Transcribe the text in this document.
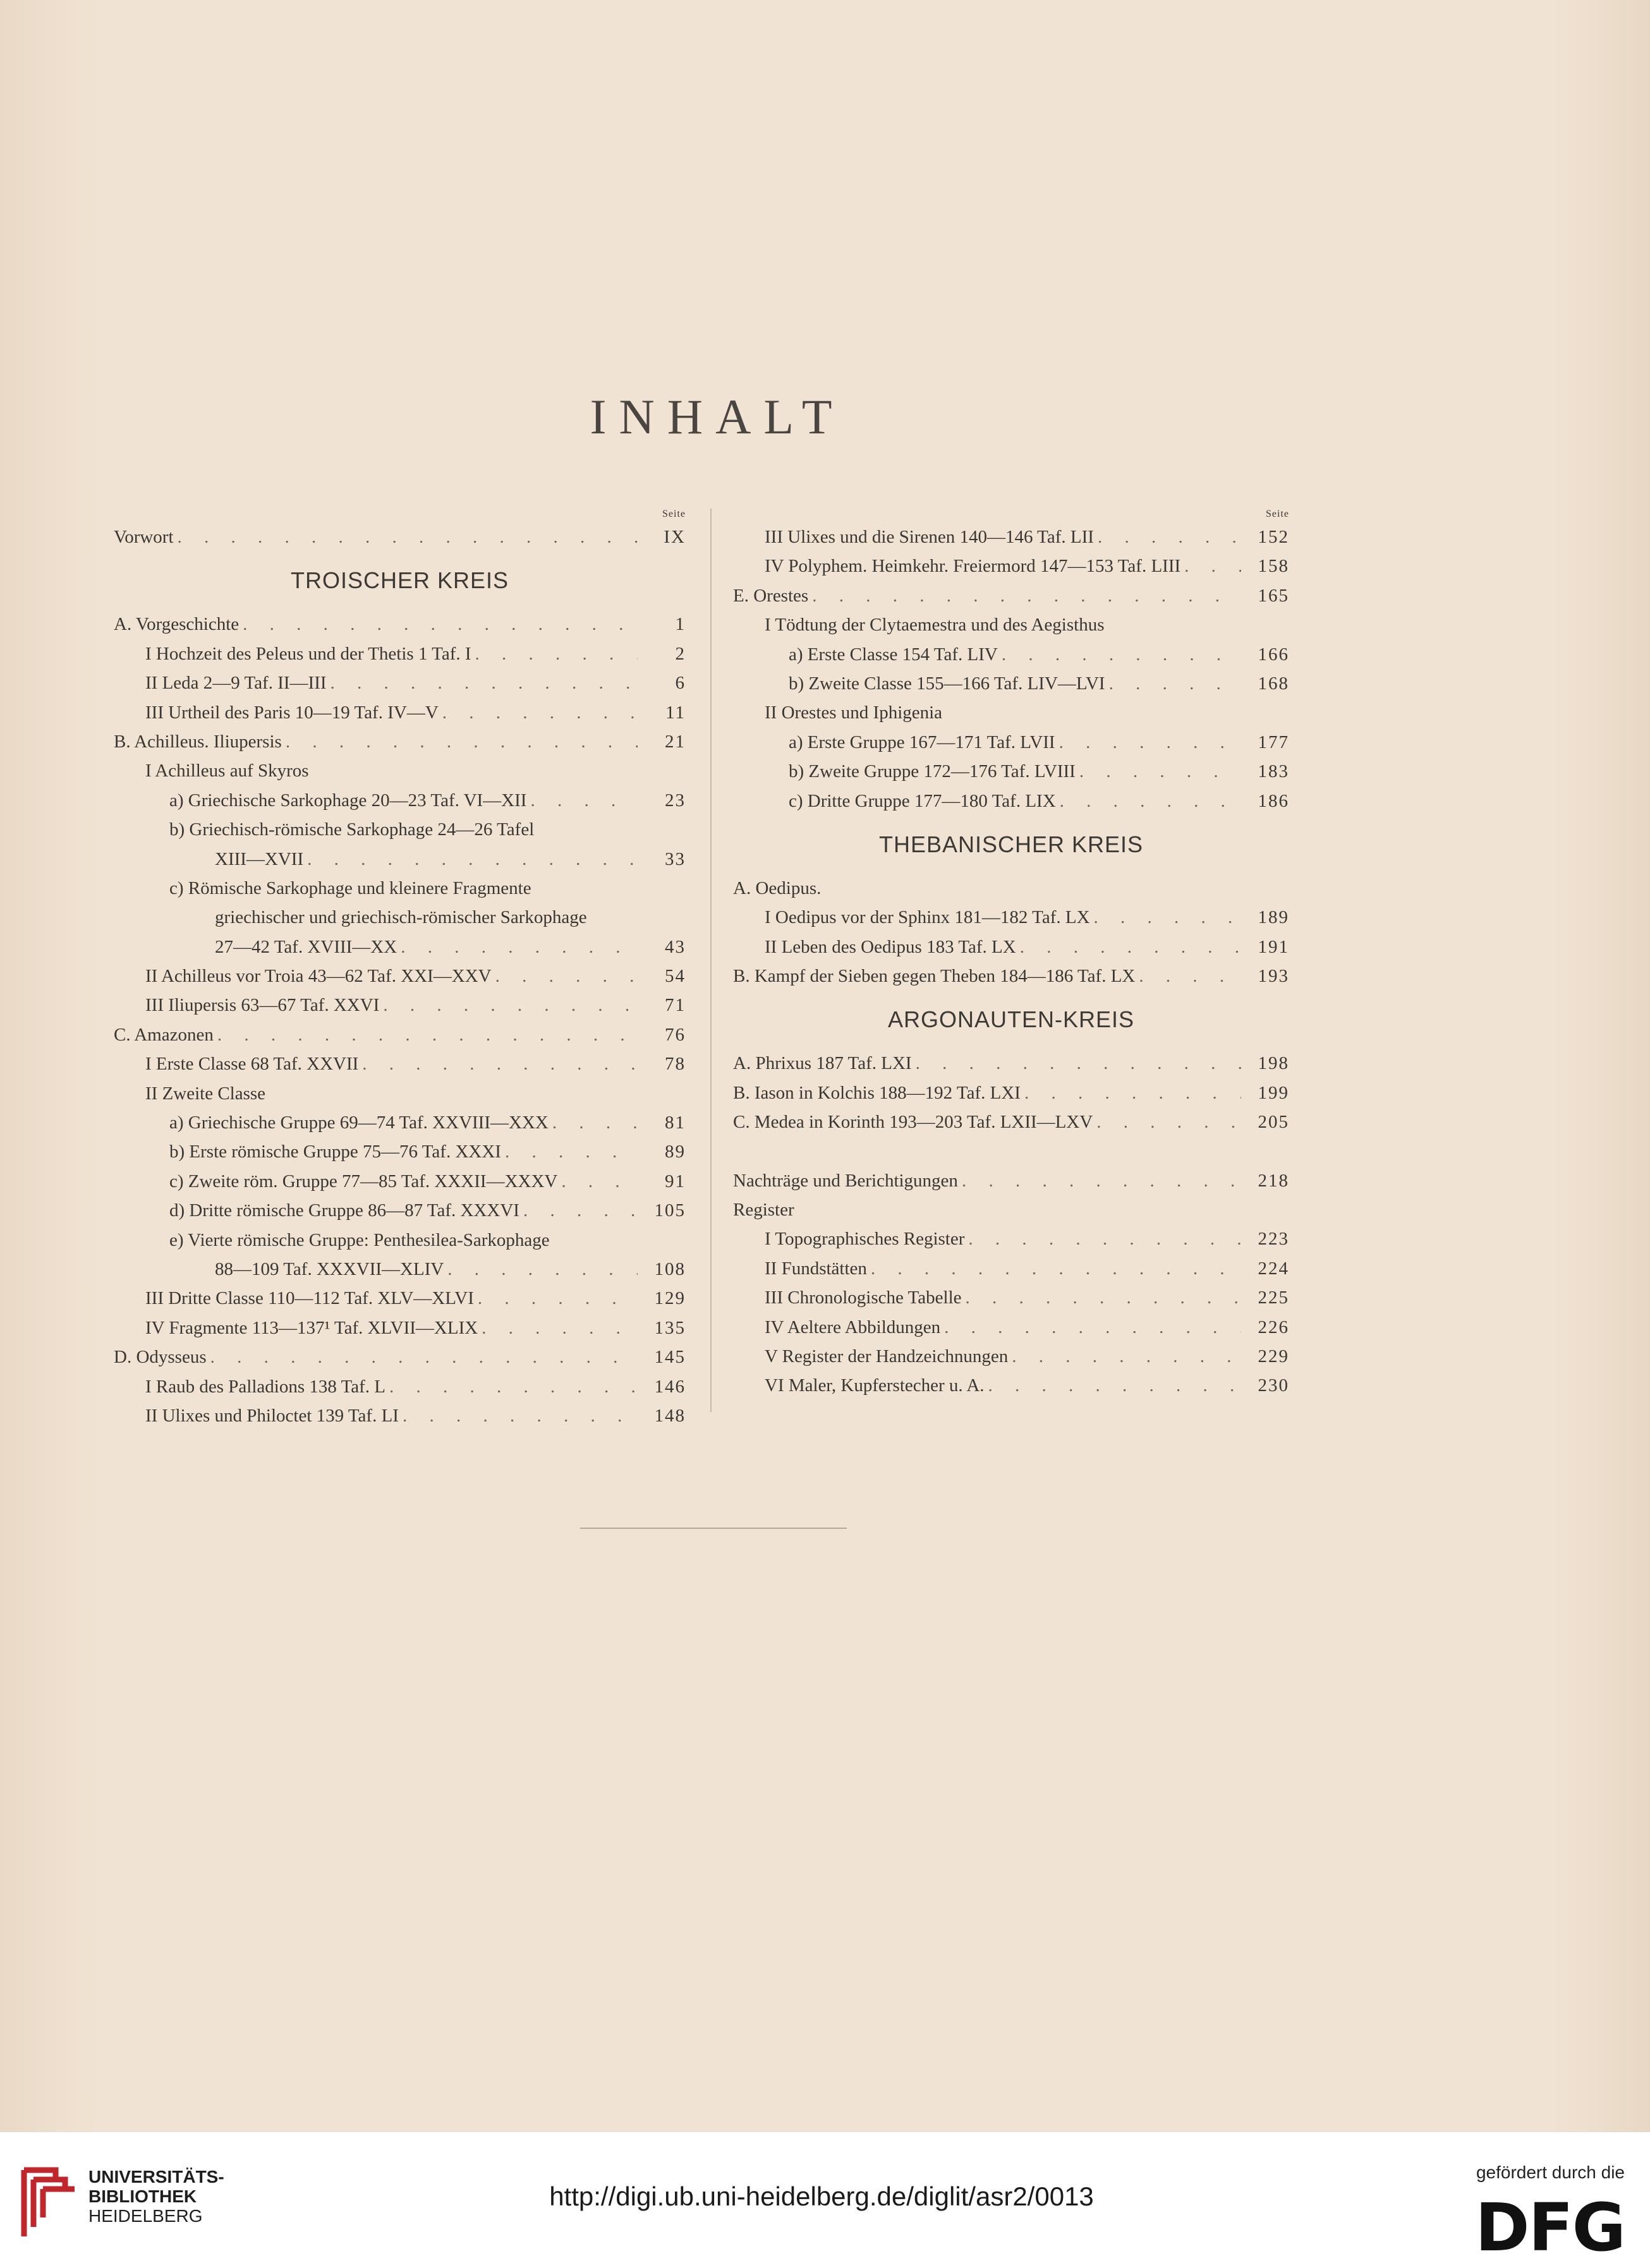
INHALT
Seite
Vorwort . . .	IX
TROISCHER KREIS
A. Vorgeschichte . . .	1
I Hochzeit des Peleus und der Thetis 1 Taf. I . . .	2
II Leda 2—9 Taf. II—III . . .	6
III Urtheil des Paris 10—19 Taf. IV—V . . .	11
B. Achilleus. Iliupersis . . .	21
I Achilleus auf Skyros
a) Griechische Sarkophage 20—23 Taf. VI—XII . . .	23
b) Griechisch-römische Sarkophage 24—26 Tafel
XIII—XVII . . .	33
c) Römische Sarkophage und kleinere Fragmente
griechischer und griechisch-römischer Sarkophage
27—42 Taf. XVIII—XX . . .	43
II Achilleus vor Troia 43—62 Taf. XXI—XXV . . .	54
III Iliupersis 63—67 Taf. XXVI . . .	71
C. Amazonen . . .	76
I Erste Classe 68 Taf. XXVII . . .	78
II Zweite Classe
a) Griechische Gruppe 69—74 Taf. XXVIII—XXX . . .	81
b) Erste römische Gruppe 75—76 Taf. XXXI . . .	89
c) Zweite röm. Gruppe 77—85 Taf. XXXII—XXXV . . .	91
d) Dritte römische Gruppe 86—87 Taf. XXXVI . . .	105
e) Vierte römische Gruppe: Penthesilea-Sarkophage
88—109 Taf. XXXVII—XLIV . . .	108
III Dritte Classe 110—112 Taf. XLV—XLVI . . .	129
IV Fragmente 113—137¹ Taf. XLVII—XLIX . . .	135
D. Odysseus . . .	145
I Raub des Palladions 138 Taf. L . . .	146
II Ulixes und Philoctet 139 Taf. LI . . .	148
Seite
III Ulixes und die Sirenen 140—146 Taf. LII . . .	152
IV Polyphem. Heimkehr. Freiermord 147—153 Taf. LIII . . .	158
E. Orestes . . .	165
I Tödtung der Clytaemestra und des Aegisthus
a) Erste Classe 154 Taf. LIV . . .	166
b) Zweite Classe 155—166 Taf. LIV—LVI . . .	168
II Orestes und Iphigenia
a) Erste Gruppe 167—171 Taf. LVII . . .	177
b) Zweite Gruppe 172—176 Taf. LVIII . . .	183
c) Dritte Gruppe 177—180 Taf. LIX . . .	186
THEBANISCHER KREIS
A. Oedipus.
I Oedipus vor der Sphinx 181—182 Taf. LX . . .	189
II Leben des Oedipus 183 Taf. LX . . .	191
B. Kampf der Sieben gegen Theben 184—186 Taf. LX . . .	193
ARGONAUTEN-KREIS
A. Phrixus 187 Taf. LXI . . .	198
B. Iason in Kolchis 188—192 Taf. LXI . . .	199
C. Medea in Korinth 193—203 Taf. LXII—LXV . . .	205
Nachträge und Berichtigungen . . .	218
Register
I Topographisches Register . . .	223
II Fundstätten . . .	224
III Chronologische Tabelle . . .	225
IV Aeltere Abbildungen . . .	226
V Register der Handzeichnungen . . .	229
VI Maler, Kupferstecher u. A. . . .	230
UNIVERSITÄTS-
BIBLIOTHEK
HEIDELBERG
http://digi.ub.uni-heidelberg.de/diglit/asr2/0013
gefördert durch die
DFG
